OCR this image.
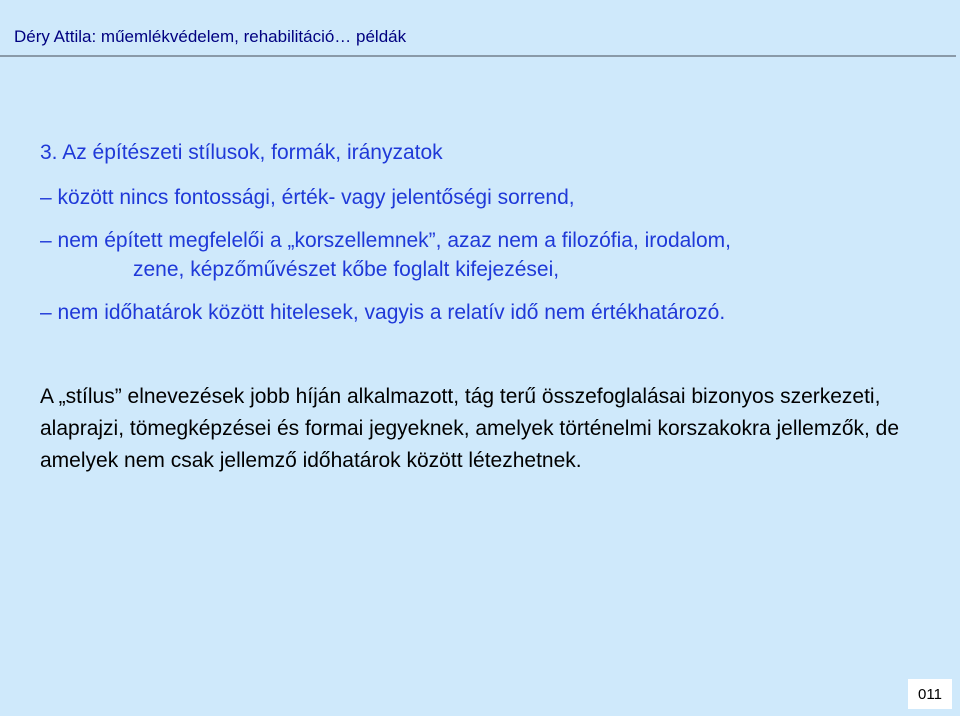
Déry Attila: műemlékvédelem, rehabilitáció… példák
3. Az építészeti stílusok, formák, irányzatok
– között nincs fontossági, érték- vagy jelentőségi sorrend,
– nem épített megfelelői a „korszellemnek”, azaz nem a filozófia, irodalom,
zene, képzőművészet kőbe foglalt kifejezései,
– nem időhatárok között hitelesek, vagyis a relatív idő nem értékhatározó.
A „stílus” elnevezések jobb híján alkalmazott, tág terű összefoglalásai bizonyos szerkezeti, alaprajzi, tömegképzései és formai jegyeknek, amelyek történelmi korszakokra jellemzők, de amelyek nem csak jellemző időhatárok között létezhetnek.
011
